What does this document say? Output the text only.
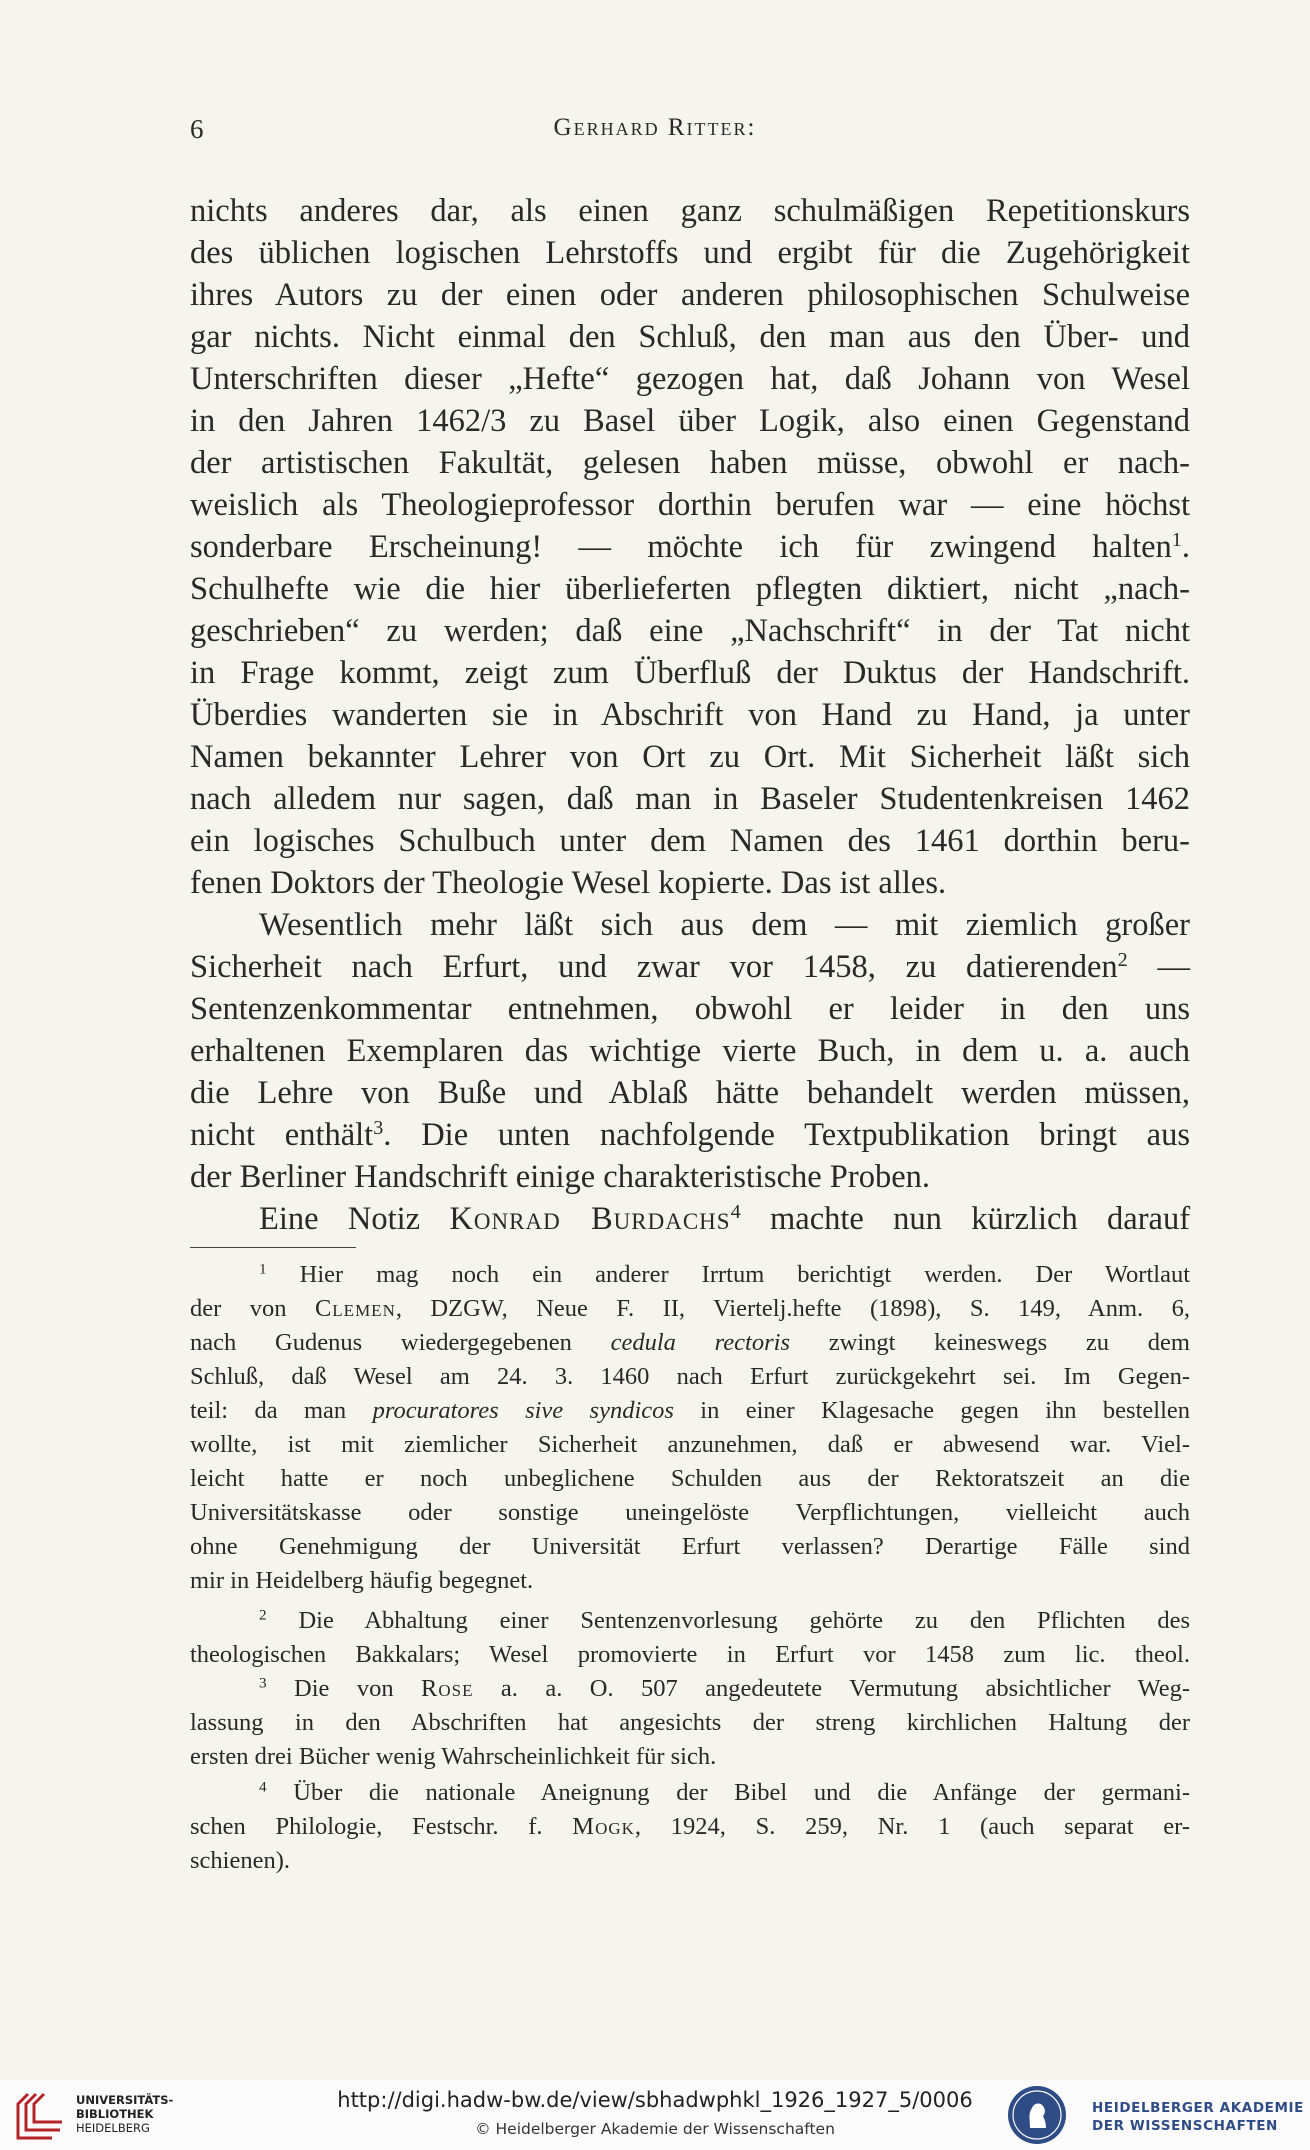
6	Gerhard Ritter:
nichts anderes dar, als einen ganz schulmäßigen Repetitionskurs
des üblichen logischen Lehrstoffs und ergibt für die Zugehörigkeit
ihres Autors zu der einen oder anderen philosophischen Schulweise
gar nichts. Nicht einmal den Schluß, den man aus den Über- und
Unterschriften dieser „Hefte“ gezogen hat, daß Johann von Wesel
in den Jahren 1462/3 zu Basel über Logik, also einen Gegenstand
der artistischen Fakultät, gelesen haben müsse, obwohl er nach-
weislich als Theologieprofessor dorthin berufen war — eine höchst
sonderbare Erscheinung! — möchte ich für zwingend halten$^1$.
Schulhefte wie die hier überlieferten pflegten diktiert, nicht „nach-
geschrieben“ zu werden; daß eine „Nachschrift“ in der Tat nicht
in Frage kommt, zeigt zum Überfluß der Duktus der Handschrift.
Überdies wanderten sie in Abschrift von Hand zu Hand, ja unter
Namen bekannter Lehrer von Ort zu Ort. Mit Sicherheit läßt sich
nach alledem nur sagen, daß man in Baseler Studentenkreisen 1462
ein logisches Schulbuch unter dem Namen des 1461 dorthin beru-
fenen Doktors der Theologie Wesel kopierte. Das ist alles.
Wesentlich mehr läßt sich aus dem — mit ziemlich großer
Sicherheit nach Erfurt, und zwar vor 1458, zu datierenden$^2$ —
Sentenzenkommentar entnehmen, obwohl er leider in den uns
erhaltenen Exemplaren das wichtige vierte Buch, in dem u. a. auch
die Lehre von Buße und Ablaß hätte behandelt werden müssen,
nicht enthält$^3$. Die unten nachfolgende Textpublikation bringt aus
der Berliner Handschrift einige charakteristische Proben.
Eine Notiz Konrad Burdachs$^4$ machte nun kürzlich darauf
$^1$ Hier mag noch ein anderer Irrtum berichtigt werden. Der Wortlaut
der von Clemen, DZGW, Neue F. II, Viertelj.hefte (1898), S. 149, Anm. 6,
nach Gudenus wiedergegebenen cedula rectoris zwingt keineswegs zu dem
Schluß, daß Wesel am 24. 3. 1460 nach Erfurt zurückgekehrt sei. Im Gegen-
teil: da man procuratores sive syndicos in einer Klagesache gegen ihn bestellen
wollte, ist mit ziemlicher Sicherheit anzunehmen, daß er abwesend war. Viel-
leicht hatte er noch unbeglichene Schulden aus der Rektoratszeit an die
Universitätskasse oder sonstige uneingelöste Verpflichtungen, vielleicht auch
ohne Genehmigung der Universität Erfurt verlassen? Derartige Fälle sind
mir in Heidelberg häufig begegnet.
$^2$ Die Abhaltung einer Sentenzenvorlesung gehörte zu den Pflichten des
theologischen Bakkalars; Wesel promovierte in Erfurt vor 1458 zum lic. theol.
$^3$ Die von Rose a. a. O. 507 angedeutete Vermutung absichtlicher Weg-
lassung in den Abschriften hat angesichts der streng kirchlichen Haltung der
ersten drei Bücher wenig Wahrscheinlichkeit für sich.
$^4$ Über die nationale Aneignung der Bibel und die Anfänge der germani-
schen Philologie, Festschr. f. Mogk, 1924, S. 259, Nr. 1 (auch separat er-
schienen).
UNIVERSITÄTS-
BIBLIOTHEK
HEIDELBERG
http://digi.hadw-bw.de/view/sbhadwphkl_1926_1927_5/0006
© Heidelberger Akademie der Wissenschaften
HEIDELBERGER AKADEMIE
DER WISSENSCHAFTEN
